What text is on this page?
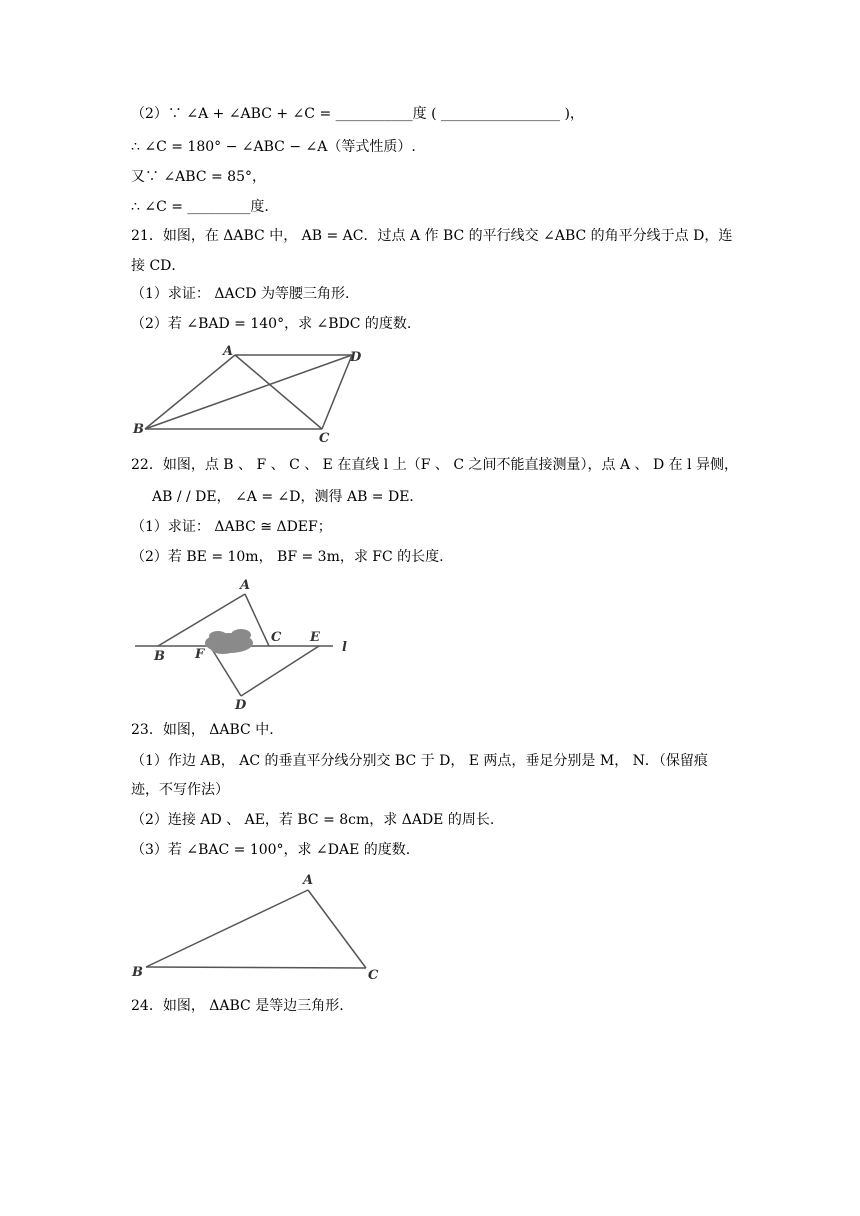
（2）∵ ∠A + ∠ABC + ∠C = ___________度 ( _________________ )，
∴ ∠C = 180° − ∠ABC − ∠A（等式性质）.
又∵ ∠ABC = 85°，
∴ ∠C = _________度.
21．如图，在 ΔABC 中， AB = AC．过点 A 作 BC 的平行线交 ∠ABC 的角平分线于点 D，连
接 CD．
（1）求证： ΔACD 为等腰三角形.
（2）若 ∠BAD = 140°，求 ∠BDC 的度数.
A	D
B
C
22．如图，点 B 、 F 、 C 、 E 在直线 l 上（F 、 C 之间不能直接测量），点 A 、 D 在 l 异侧，
AB / / DE， ∠A = ∠D，测得 AB = DE．
（1）求证： ΔABC ≅ ΔDEF；
（2）若 BE = 10m， BF = 3m，求 FC 的长度.
A
B F
C E
l
D
23．如图， ΔABC 中.
（1）作边 AB， AC 的垂直平分线分别交 BC 于 D， E 两点，垂足分别是 M， N．（保留痕
迹，不写作法）
（2）连接 AD 、 AE，若 BC = 8cm，求 ΔADE 的周长.
（3）若 ∠BAC = 100°，求 ∠DAE 的度数.
A
B	C
24．如图， ΔABC 是等边三角形.
